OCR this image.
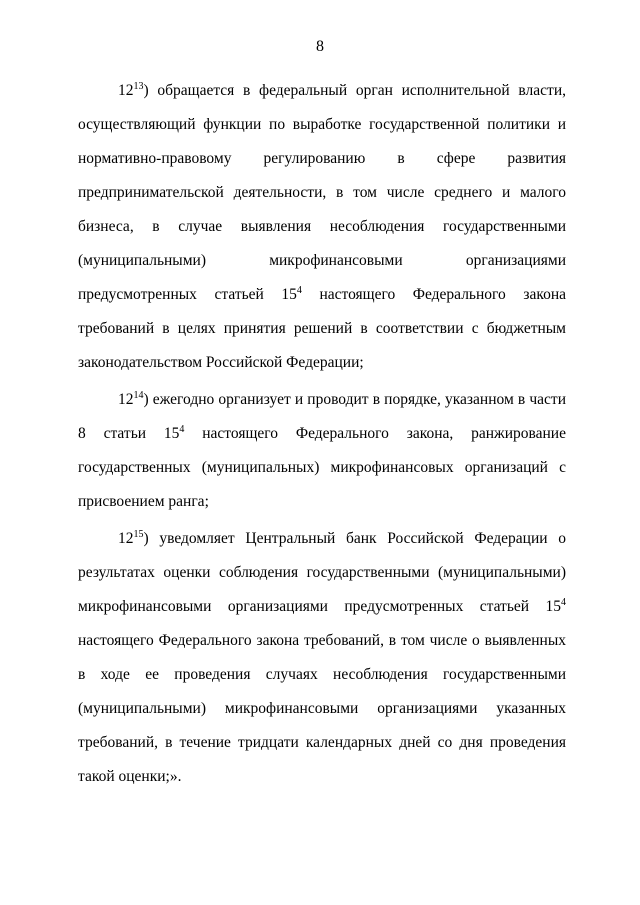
8

$12^{13}$) обращается в федеральный орган исполнительной власти, осуществляющий функции по выработке государственной политики и нормативно-правовому регулированию в сфере развития предпринимательской деятельности, в том числе среднего и малого бизнеса, в случае выявления несоблюдения государственными (муниципальными) микрофинансовыми организациями предусмотренных статьей $15^4$ настоящего Федерального закона требований в целях принятия решений в соответствии с бюджетным законодательством Российской Федерации;

$12^{14}$) ежегодно организует и проводит в порядке, указанном в части 8 статьи $15^4$ настоящего Федерального закона, ранжирование государственных (муниципальных) микрофинансовых организаций с присвоением ранга;

$12^{15}$) уведомляет Центральный банк Российской Федерации о результатах оценки соблюдения государственными (муниципальными) микрофинансовыми организациями предусмотренных статьей $15^4$ настоящего Федерального закона требований, в том числе о выявленных в ходе ее проведения случаях несоблюдения государственными (муниципальными) микрофинансовыми организациями указанных требований, в течение тридцати календарных дней со дня проведения такой оценки;».
